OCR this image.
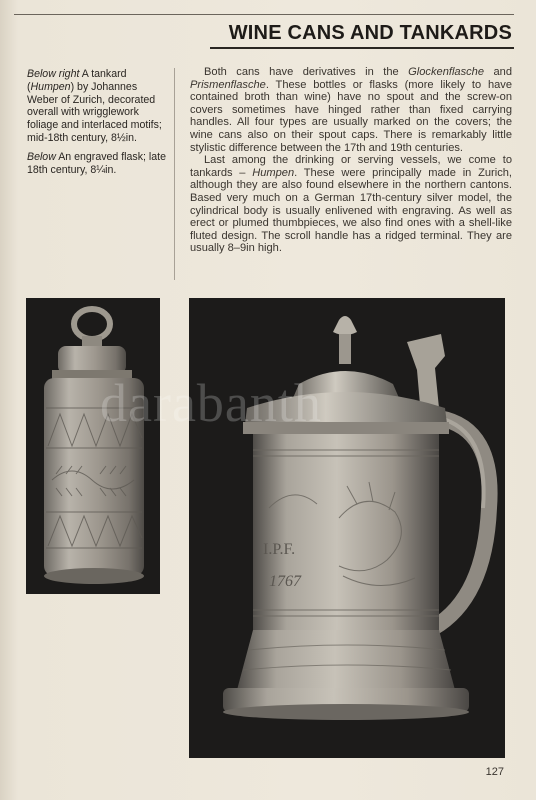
WINE CANS AND TANKARDS

Below right A tankard (Humpen) by Johannes Weber of Zurich, decorated overall with wrigglework foliage and interlaced motifs; mid-18th century, 8½in.

Below An engraved flask; late 18th century, 8¼in.

Both cans have derivatives in the Glockenflasche and Prismenflasche. These bottles or flasks (more likely to have contained broth than wine) have no spout and the screw-on covers sometimes have hinged rather than fixed carrying handles. All four types are usually marked on the covers; the wine cans also on their spout caps. There is remarkably little stylistic difference between the 17th and 19th centuries.

Last among the drinking or serving vessels, we come to tankards – Humpen. These were principally made in Zurich, although they are also found elsewhere in the northern cantons. Based very much on a German 17th-century silver model, the cylindrical body is usually enlivened with engraving. As well as erect or plumed thumbpieces, we also find ones with a shell-like fluted design. The scroll handle has a ridged terminal. They are usually 8–9in high.

I.P.F.
1767
darabanth
127
